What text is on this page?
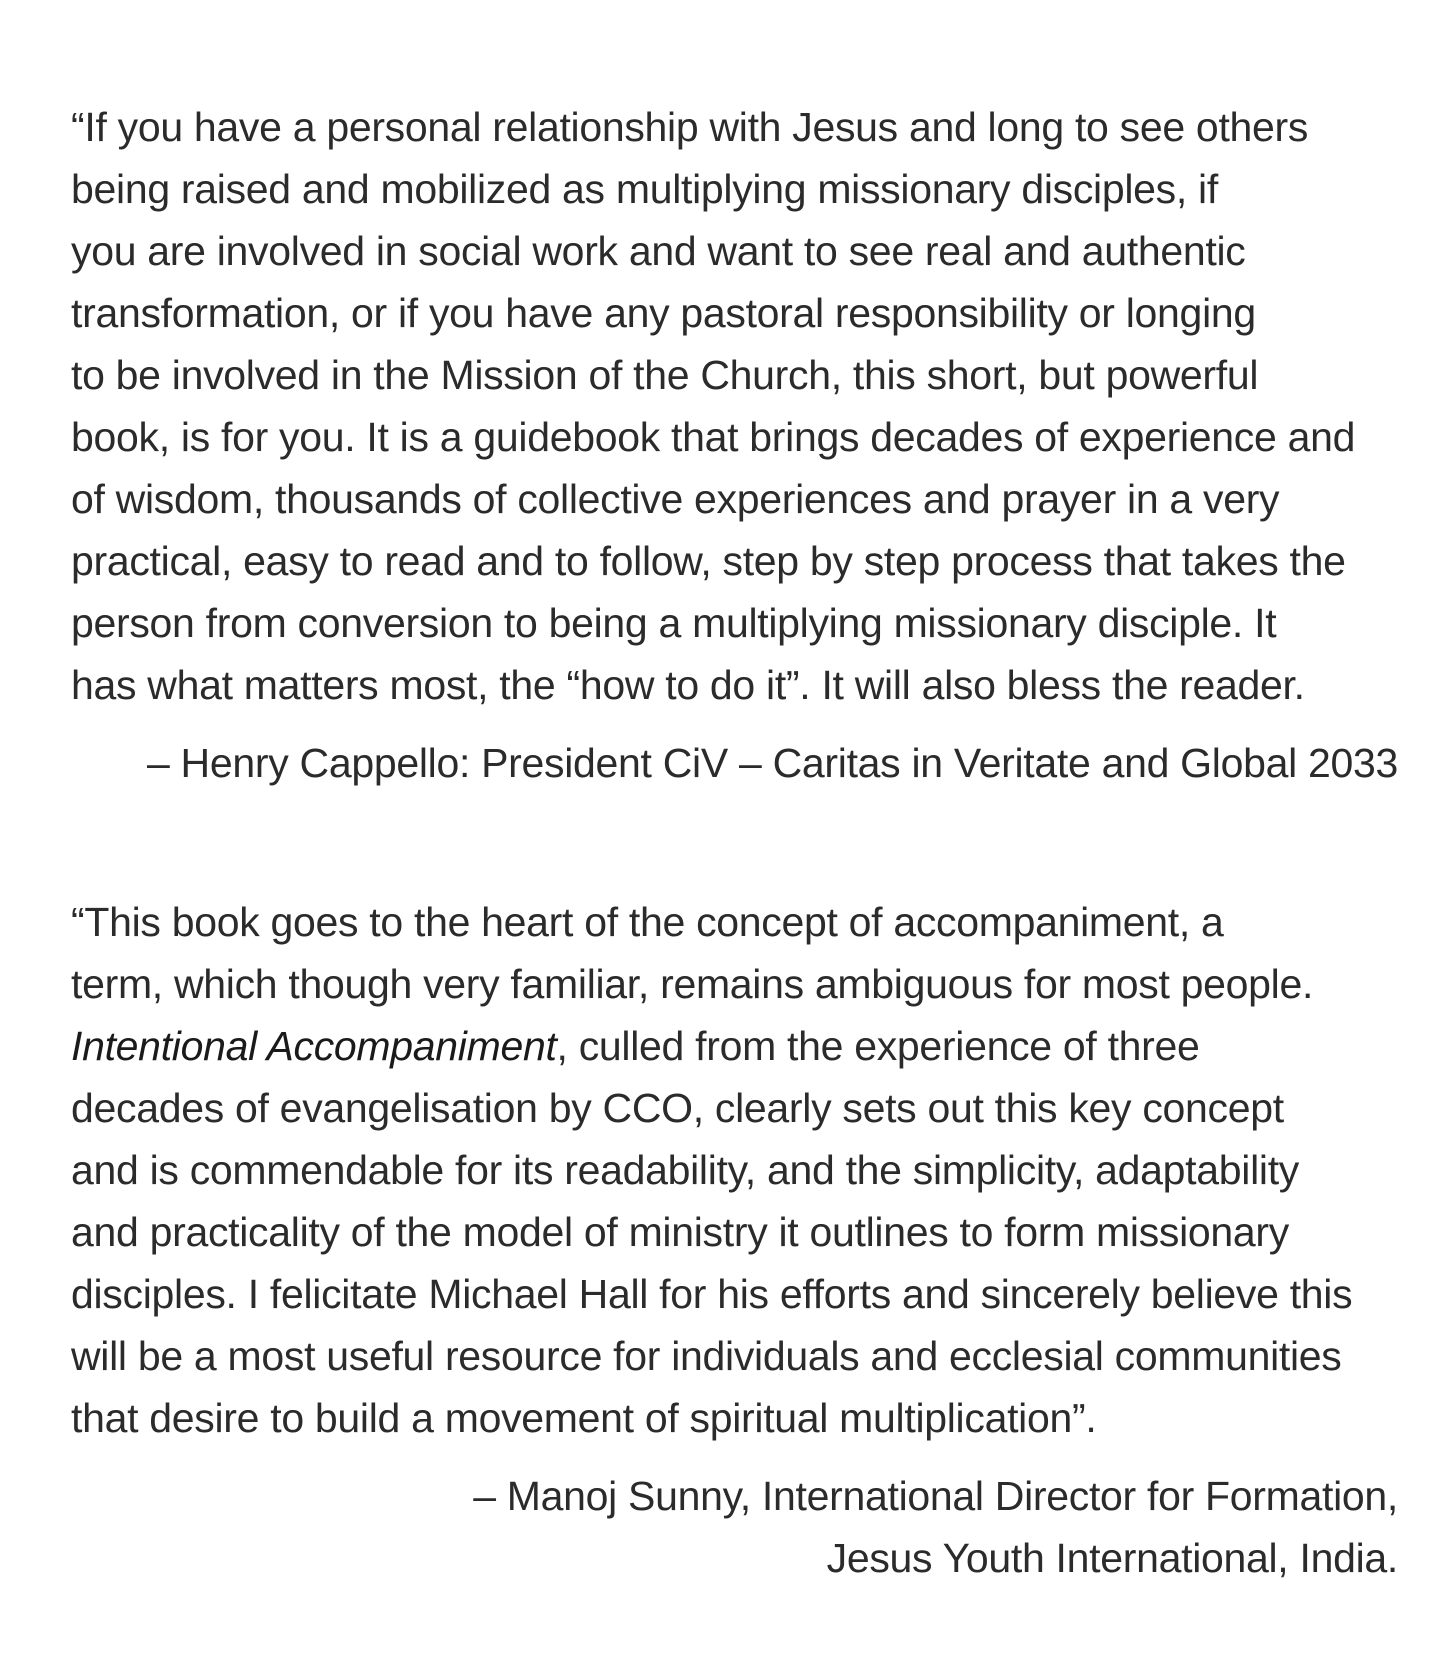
“If you have a personal relationship with Jesus and long to see others
being raised and mobilized as multiplying missionary disciples, if
you are involved in social work and want to see real and authentic
transformation, or if you have any pastoral responsibility or longing
to be involved in the Mission of the Church, this short, but powerful
book, is for you. It is a guidebook that brings decades of experience and
of wisdom, thousands of collective experiences and prayer in a very
practical, easy to read and to follow, step by step process that takes the
person from conversion to being a multiplying missionary disciple. It
has what matters most, the “how to do it”. It will also bless the reader.
– Henry Cappello: President CiV – Caritas in Veritate and Global 2033
“This book goes to the heart of the concept of accompaniment, a
term, which though very familiar, remains ambiguous for most people.
Intentional Accompaniment, culled from the experience of three
decades of evangelisation by CCO, clearly sets out this key concept
and is commendable for its readability, and the simplicity, adaptability
and practicality of the model of ministry it outlines to form missionary
disciples. I felicitate Michael Hall for his efforts and sincerely believe this
will be a most useful resource for individuals and ecclesial communities
that desire to build a movement of spiritual multiplication”.
– Manoj Sunny, International Director for Formation,
Jesus Youth International, India.
